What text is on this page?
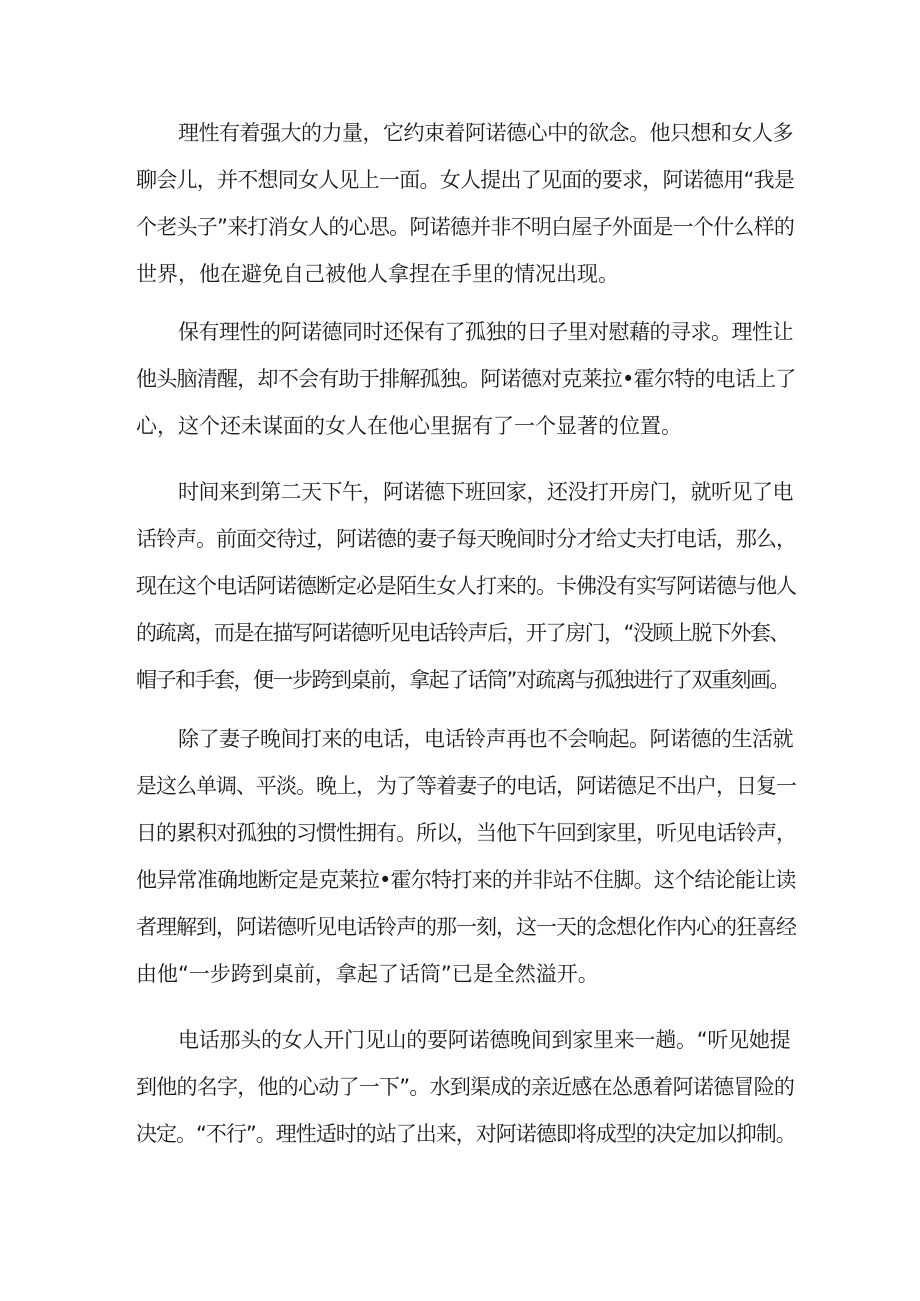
理性有着强大的力量，它约束着阿诺德心中的欲念。他只想和女人多

聊会儿，并不想同女人见上一面。女人提出了见面的要求，阿诺德用“我是

个老头子”来打消女人的心思。阿诺德并非不明白屋子外面是一个什么样的

世界，他在避免自己被他人拿捏在手里的情况出现。

保有理性的阿诺德同时还保有了孤独的日子里对慰藉的寻求。理性让

他头脑清醒，却不会有助于排解孤独。阿诺德对克莱拉•霍尔特的电话上了

心，这个还未谋面的女人在他心里据有了一个显著的位置。

时间来到第二天下午，阿诺德下班回家，还没打开房门，就听见了电

话铃声。前面交待过，阿诺德的妻子每天晚间时分才给丈夫打电话，那么，

现在这个电话阿诺德断定必是陌生女人打来的。卡佛没有实写阿诺德与他人

的疏离，而是在描写阿诺德听见电话铃声后，开了房门，“没顾上脱下外套、

帽子和手套，便一步跨到桌前，拿起了话筒”对疏离与孤独进行了双重刻画。

除了妻子晚间打来的电话，电话铃声再也不会响起。阿诺德的生活就

是这么单调、平淡。晚上，为了等着妻子的电话，阿诺德足不出户，日复一

日的累积对孤独的习惯性拥有。所以，当他下午回到家里，听见电话铃声，

他异常准确地断定是克莱拉•霍尔特打来的并非站不住脚。这个结论能让读

者理解到，阿诺德听见电话铃声的那一刻，这一天的念想化作内心的狂喜经

由他“一步跨到桌前，拿起了话筒”已是全然溢开。

电话那头的女人开门见山的要阿诺德晚间到家里来一趟。“听见她提

到他的名字，他的心动了一下”。水到渠成的亲近感在怂恿着阿诺德冒险的

决定。“不行”。理性适时的站了出来，对阿诺德即将成型的决定加以抑制。
